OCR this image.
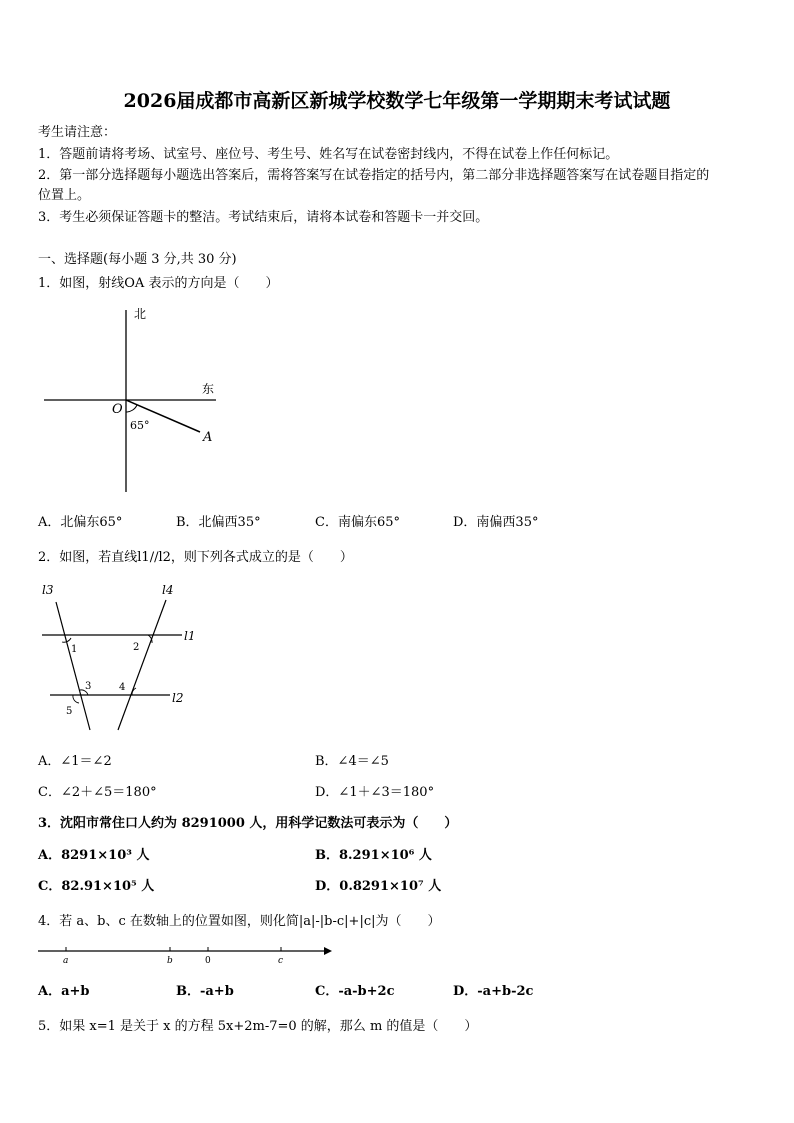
2026届成都市高新区新城学校数学七年级第一学期期末考试试题
考生请注意：
1．答题前请将考场、试室号、座位号、考生号、姓名写在试卷密封线内，不得在试卷上作任何标记。
2．第一部分选择题每小题选出答案后，需将答案写在试卷指定的括号内，第二部分非选择题答案写在试卷题目指定的
位置上。
3．考生必须保证答题卡的整洁。考试结束后，请将本试卷和答题卡一并交回。
一、选择题(每小题 3 分,共 30 分)
1．如图，射线OA 表示的方向是（　　）
北
东
O
A
65°
A．北偏东65°	B．北偏西35°	C．南偏东65°	D．南偏西35°
2．如图，若直线l1//l2，则下列各式成立的是（　　）
l3	l4
l1
l2
1	2
3	4
5
A．∠1＝∠2	B．∠4＝∠5
C．∠2＋∠5＝180°	D．∠1＋∠3＝180°
3．沈阳市常住口人约为 8291000 人，用科学记数法可表示为（　　）
A．8291×10³ 人	B．8.291×10⁶ 人
C．82.91×10⁵ 人	D．0.8291×10⁷ 人
4．若 a、b、c 在数轴上的位置如图，则化简|a|-|b-c|+|c|为（　　）
a	b	0	c
A．a+b	B．-a+b	C．-a-b+2c	D．-a+b-2c
5．如果 x=1 是关于 x 的方程 5x+2m-7=0 的解，那么 m 的值是（　　）
